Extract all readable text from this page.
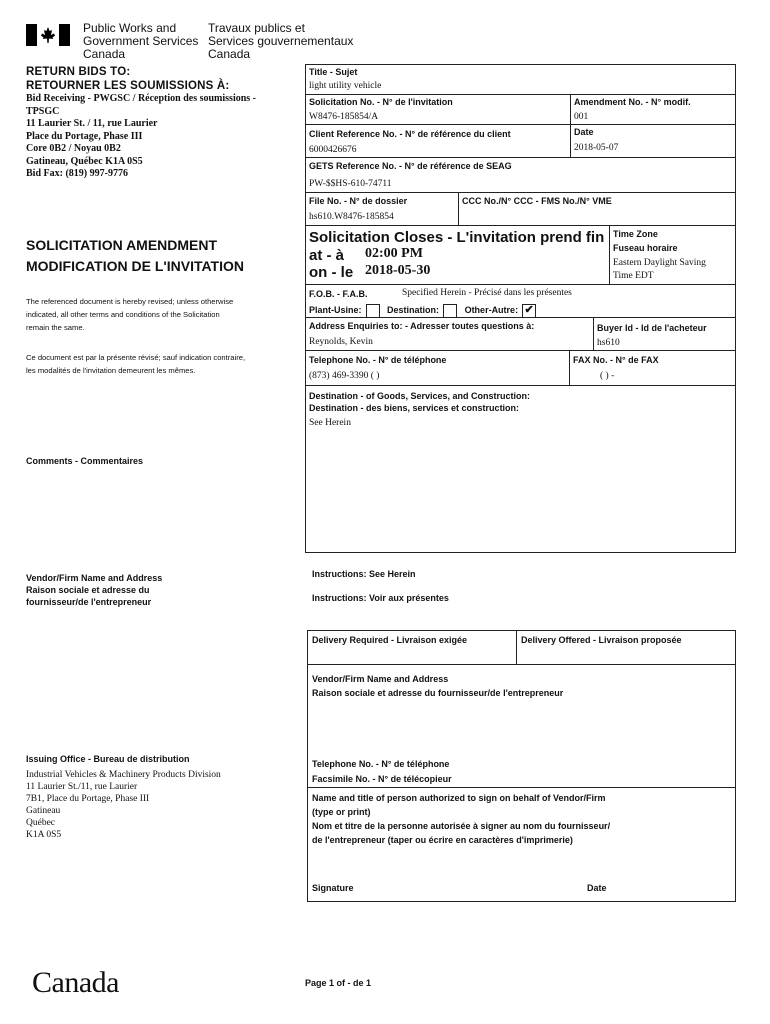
Public Works and
Government Services
Canada
Travaux publics et
Services gouvernementaux
Canada
RETURN BIDS TO:
RETOURNER LES SOUMISSIONS À:
Bid Receiving - PWGSC / Réception des soumissions -
TPSGC
11 Laurier St. / 11, rue Laurier
Place du Portage, Phase III
Core 0B2 / Noyau 0B2
Gatineau, Québec K1A 0S5
Bid Fax: (819) 997-9776
SOLICITATION AMENDMENT
MODIFICATION DE L'INVITATION
The referenced document is hereby revised; unless otherwise
indicated, all other terms and conditions of the Solicitation
remain the same.
Ce document est par la présente révisé; sauf indication contraire,
les modalités de l'invitation demeurent les mêmes.
Comments - Commentaires
Vendor/Firm Name and Address
Raison sociale et adresse du
fournisseur/de l'entrepreneur
Issuing Office - Bureau de distribution
Industrial Vehicles & Machinery Products Division
11 Laurier St./11, rue Laurier
7B1, Place du Portage, Phase III
Gatineau
Québec
K1A 0S5
Title - Sujet
light utility vehicle
Solicitation No. - N° de l'invitation
W8476-185854/A
Amendment No. - N° modif.
001
Client Reference No. - N° de référence du client
6000426676
Date
2018-05-07
GETS Reference No. - N° de référence de SEAG
PW-$$HS-610-74711
File No. - N° de dossier
hs610.W8476-185854
CCC No./N° CCC - FMS No./N° VME
Solicitation Closes - L'invitation prend fin
at - à 02:00 PM
on - le 2018-05-30
Time Zone
Fuseau horaire
Eastern Daylight Saving
Time EDT
F.O.B. - F.A.B.	Specified Herein - Précisé dans les présentes
Plant-Usine:	Destination:	Other-Autre: ✔
Address Enquiries to: - Adresser toutes questions à:
Reynolds, Kevin
Buyer Id - Id de l'acheteur
hs610
Telephone No. - N° de téléphone
(873) 469-3390 ( )
FAX No. - N° de FAX
( ) -
Destination - of Goods, Services, and Construction:
Destination - des biens, services et construction:
See Herein
Instructions: See Herein
Instructions: Voir aux présentes
Delivery Required - Livraison exigée	Delivery Offered - Livraison proposée
Vendor/Firm Name and Address
Raison sociale et adresse du fournisseur/de l'entrepreneur
Telephone No. - N° de téléphone
Facsimile No. - N° de télécopieur
Name and title of person authorized to sign on behalf of Vendor/Firm
(type or print)
Nom et titre de la personne autorisée à signer au nom du fournisseur/
de l'entrepreneur (taper ou écrire en caractères d'imprimerie)
Signature	Date
Canada	Page 1 of - de 1
